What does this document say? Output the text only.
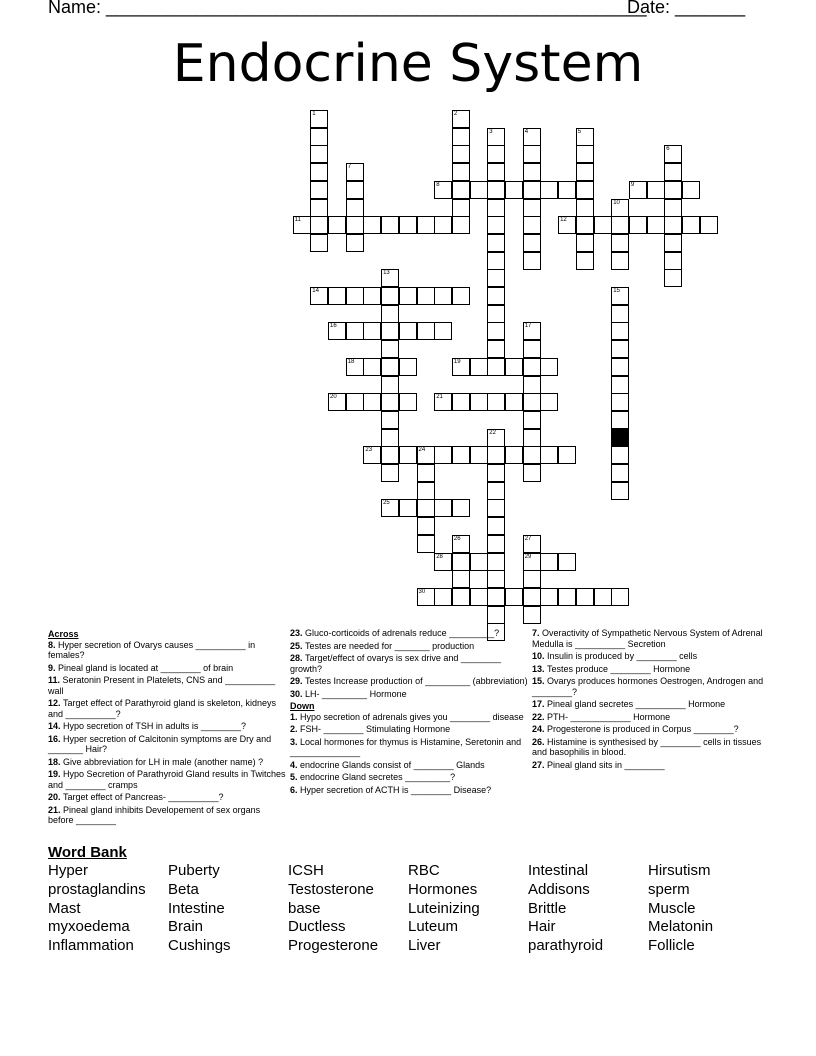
Name: ______________________________________________________
Date: _______
Endocrine System
1	2
3	4	5
6
7
8	9
10
11	12
13
14	15
16	17
18	19
20	21
22
23	24
25
26	27
29
28
30
Across
8. Hyper secretion of Ovarys causes __________ in females?
9. Pineal gland is located at ________ of brain
11. Seratonin Present in Platelets, CNS and __________ wall
12. Target effect of Parathyroid gland is skeleton, kidneys and __________?
14. Hypo secretion of TSH in adults is ________?
16. Hyper secretion of Calcitonin symptoms are Dry and _______ Hair?
18. Give abbreviation for LH in male (another name) ?
19. Hypo Secretion of Parathyroid Gland results in Twitches and ________ cramps
20. Target effect of Pancreas- __________?
21. Pineal gland inhibits Developement of sex organs before ________
23. Gluco-corticoids of adrenals reduce _________?
25. Testes are needed for _______ production
28. Target/effect of ovarys is sex drive and ________ growth?
29. Testes Increase production of _________ (abbreviation)
30. LH- _________ Hormone
Down
1. Hypo secretion of adrenals gives you ________ disease
2. FSH- ________ Stimulating Hormone
3. Local hormones for thymus is Histamine, Seretonin and ______________
4. endocrine Glands consist of ________ Glands
5. endocrine Gland secretes _________?
6. Hyper secretion of ACTH is ________ Disease?
7. Overactivity of Sympathetic Nervous System of Adrenal Medulla is __________ Secretion
10. Insulin is produced by ________ cells
13. Testes produce ________ Hormone
15. Ovarys produces hormones Oestrogen, Androgen and ________?
17. Pineal gland secretes __________ Hormone
22. PTH- ____________ Hormone
24. Progesterone is produced in Corpus ________?
26. Histamine is synthesised by ________ cells in tissues and basophilis in blood.
27. Pineal gland sits in ________
Word Bank
Hyper	Puberty	ICSH	RBC	Intestinal	Hirsutism
prostaglandins	Beta	Testosterone	Hormones	Addisons	sperm
Mast	Intestine	base	Luteinizing	Brittle	Muscle
myxoedema	Brain	Ductless	Luteum	Hair	Melatonin
Inflammation	Cushings	Progesterone	Liver	parathyroid	Follicle
